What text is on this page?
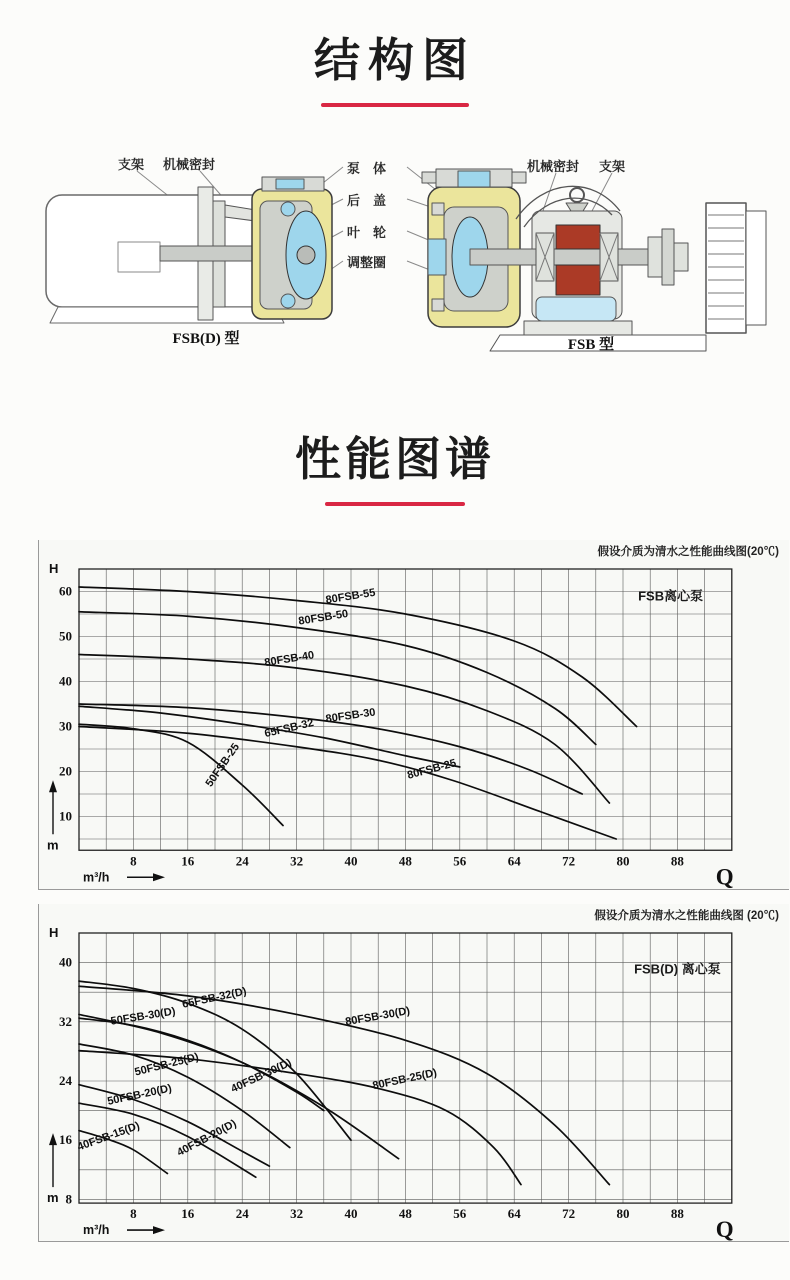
结构图
支架 机械密封	泵　体
后　盖
叶　轮
调整圈
机械密封 支架
FSB(D) 型	FSB 型
性能图谱
假设介质为清水之性能曲线图(20℃)
8	16	24	32	40	48	56	64	72	80	88
60
50
40
30
20
10
H
m
m³/h	Q
FSB离心泵
80FSB-55
80FSB-50
80FSB-40
80FSB-30
65FSB-32
80FSB-25
50FSB-25
假设介质为清水之性能曲线图 (20℃)
8	16	24	32	40	48	56	64	72	80	88
40
32
24
16
8
H
m
m³/h	Q
FSB(D) 离心泵
65FSB-32(D)
80FSB-30(D)
50FSB-30(D)
40FSB-30(D)
50FSB-25(D)
80FSB-25(D)
50FSB-20(D)
40FSB-20(D)
40FSB-15(D)
